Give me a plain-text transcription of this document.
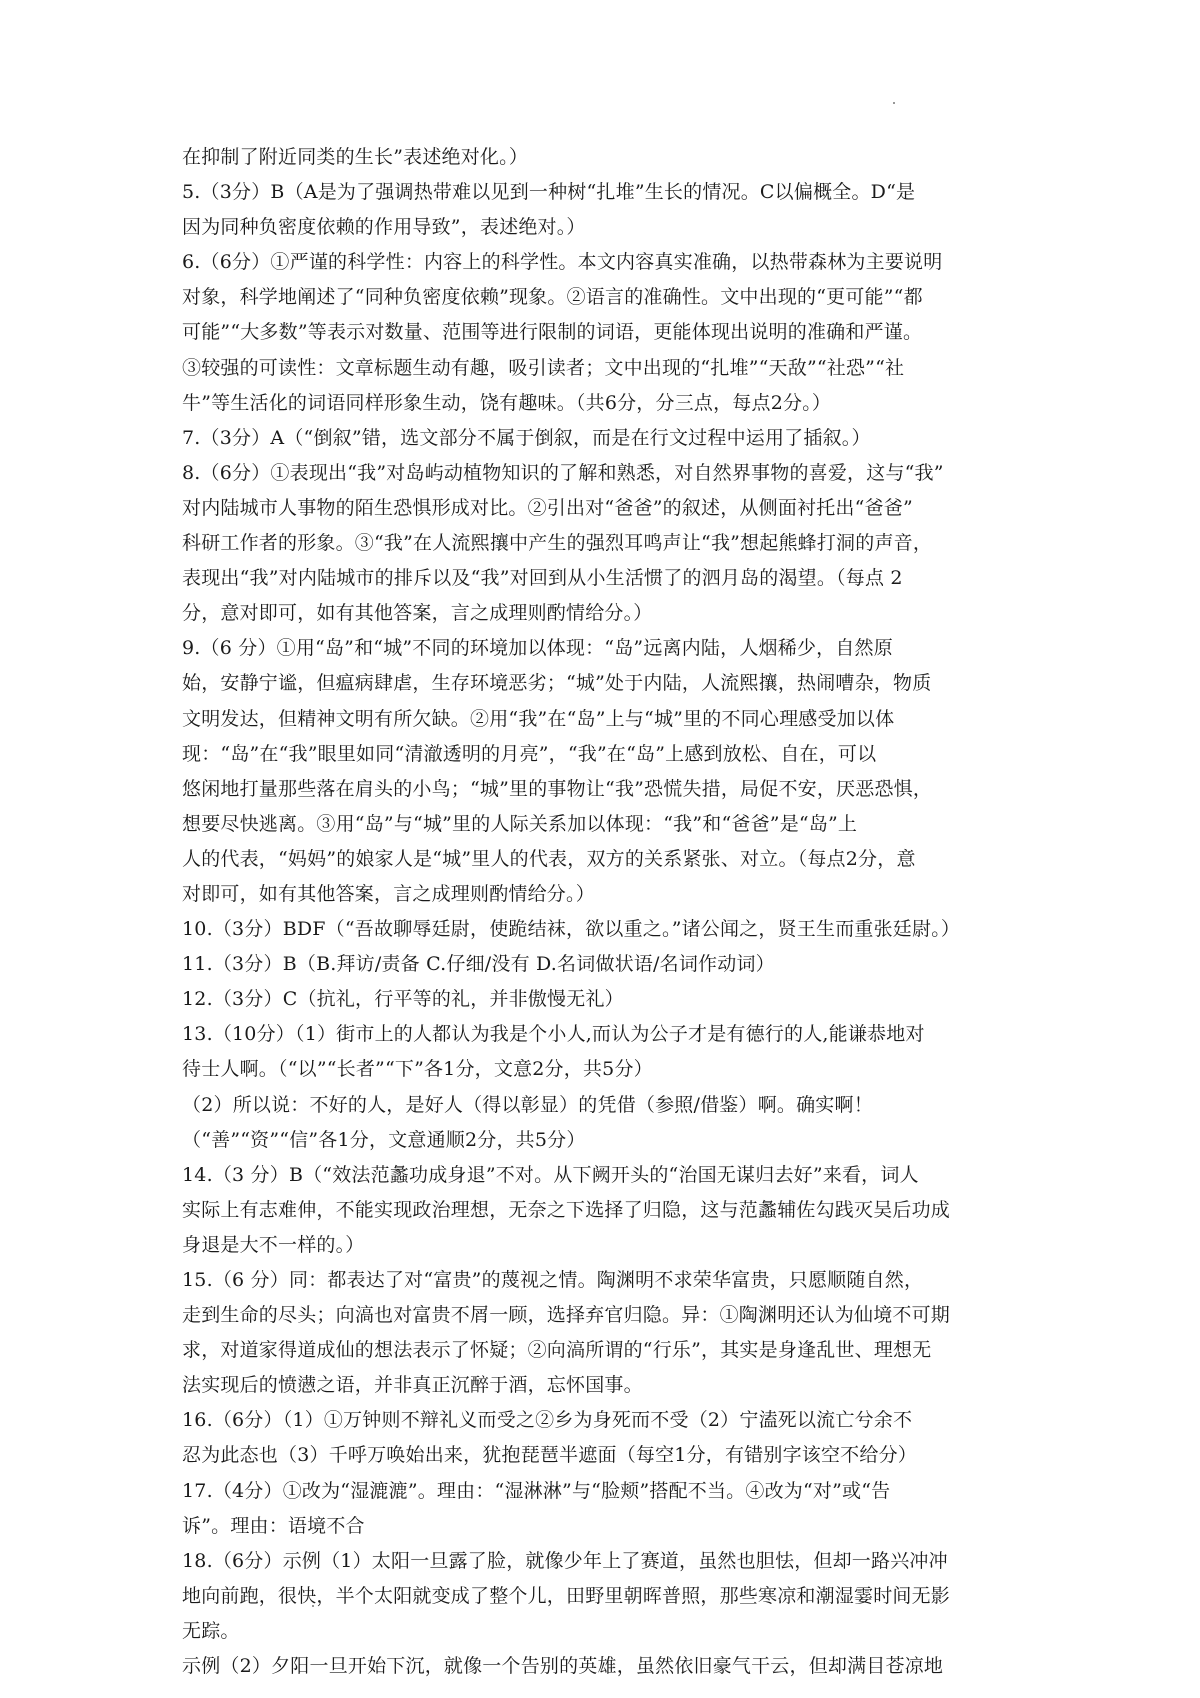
在抑制了附近同类的生长”表述绝对化。）
5.（3分）B（A是为了强调热带难以见到一种树“扎堆”生长的情况。C以偏概全。D“是
因为同种负密度依赖的作用导致”，表述绝对。）
6.（6分）①严谨的科学性：内容上的科学性。本文内容真实准确，以热带森林为主要说明
对象，科学地阐述了“同种负密度依赖”现象。②语言的准确性。文中出现的“更可能”“都
可能”“大多数”等表示对数量、范围等进行限制的词语，更能体现出说明的准确和严谨。
③较强的可读性：文章标题生动有趣，吸引读者；文中出现的“扎堆”“天敌”“社恐”“社
牛”等生活化的词语同样形象生动，饶有趣味。（共6分，分三点，每点2分。）
7.（3分）A（“倒叙”错，选文部分不属于倒叙，而是在行文过程中运用了插叙。）
8.（6分）①表现出“我”对岛屿动植物知识的了解和熟悉，对自然界事物的喜爱，这与“我”
对内陆城市人事物的陌生恐惧形成对比。②引出对“爸爸”的叙述，从侧面衬托出“爸爸”
科研工作者的形象。③“我”在人流熙攘中产生的强烈耳鸣声让“我”想起熊蜂打洞的声音，
表现出“我”对内陆城市的排斥以及“我”对回到从小生活惯了的泗月岛的渴望。（每点 2
分，意对即可，如有其他答案，言之成理则酌情给分。）
9.（6 分）①用“岛”和“城”不同的环境加以体现：“岛”远离内陆，人烟稀少，自然原
始，安静宁谧，但瘟病肆虐，生存环境恶劣；“城”处于内陆，人流熙攘，热闹嘈杂，物质
文明发达，但精神文明有所欠缺。②用“我”在“岛”上与“城”里的不同心理感受加以体
现：“岛”在“我”眼里如同“清澈透明的月亮”，“我”在“岛”上感到放松、自在，可以
悠闲地打量那些落在肩头的小鸟；“城”里的事物让“我”恐慌失措，局促不安，厌恶恐惧，
想要尽快逃离。③用“岛”与“城”里的人际关系加以体现：“我”和“爸爸”是“岛”上
人的代表，“妈妈”的娘家人是“城”里人的代表，双方的关系紧张、对立。（每点2分，意
对即可，如有其他答案，言之成理则酌情给分。）
10.（3分）BDF（“吾故聊辱廷尉，使跪结袜，欲以重之。”诸公闻之，贤王生而重张廷尉。）
11.（3分）B（B.拜访/责备 C.仔细/没有 D.名词做状语/名词作动词）
12.（3分）C（抗礼，行平等的礼，并非傲慢无礼）
13.（10分）（1）街市上的人都认为我是个小人,而认为公子才是有德行的人,能谦恭地对
待士人啊。（“以”“长者”“下”各1分，文意2分，共5分）
（2）所以说：不好的人，是好人（得以彰显）的凭借（参照/借鉴）啊。确实啊！
（“善”“资”“信”各1分，文意通顺2分，共5分）
14.（3 分）B（“效法范蠡功成身退”不对。从下阙开头的“治国无谋归去好”来看，词人
实际上有志难伸，不能实现政治理想，无奈之下选择了归隐，这与范蠡辅佐勾践灭吴后功成
身退是大不一样的。）
15.（6 分）同：都表达了对“富贵”的蔑视之情。陶渊明不求荣华富贵，只愿顺随自然，
走到生命的尽头；向滈也对富贵不屑一顾，选择弃官归隐。异：①陶渊明还认为仙境不可期
求，对道家得道成仙的想法表示了怀疑；②向滈所谓的“行乐”，其实是身逢乱世、理想无
法实现后的愤懑之语，并非真正沉醉于酒，忘怀国事。
16.（6分）（1）①万钟则不辩礼义而受之②乡为身死而不受（2）宁溘死以流亡兮余不
忍为此态也（3）千呼万唤始出来，犹抱琵琶半遮面（每空1分，有错别字该空不给分）
17.（4分）①改为“湿漉漉”。理由：“湿淋淋”与“脸颊”搭配不当。④改为“对”或“告
诉”。理由：语境不合
18.（6分）示例（1）太阳一旦露了脸，就像少年上了赛道，虽然也胆怯，但却一路兴冲冲
地向前跑，很快，半个太阳就变成了整个儿，田野里朝晖普照，那些寒凉和潮湿霎时间无影
无踪。
示例（2）夕阳一旦开始下沉，就像一个告别的英雄，虽然依旧豪气干云，但却满目苍凉地
